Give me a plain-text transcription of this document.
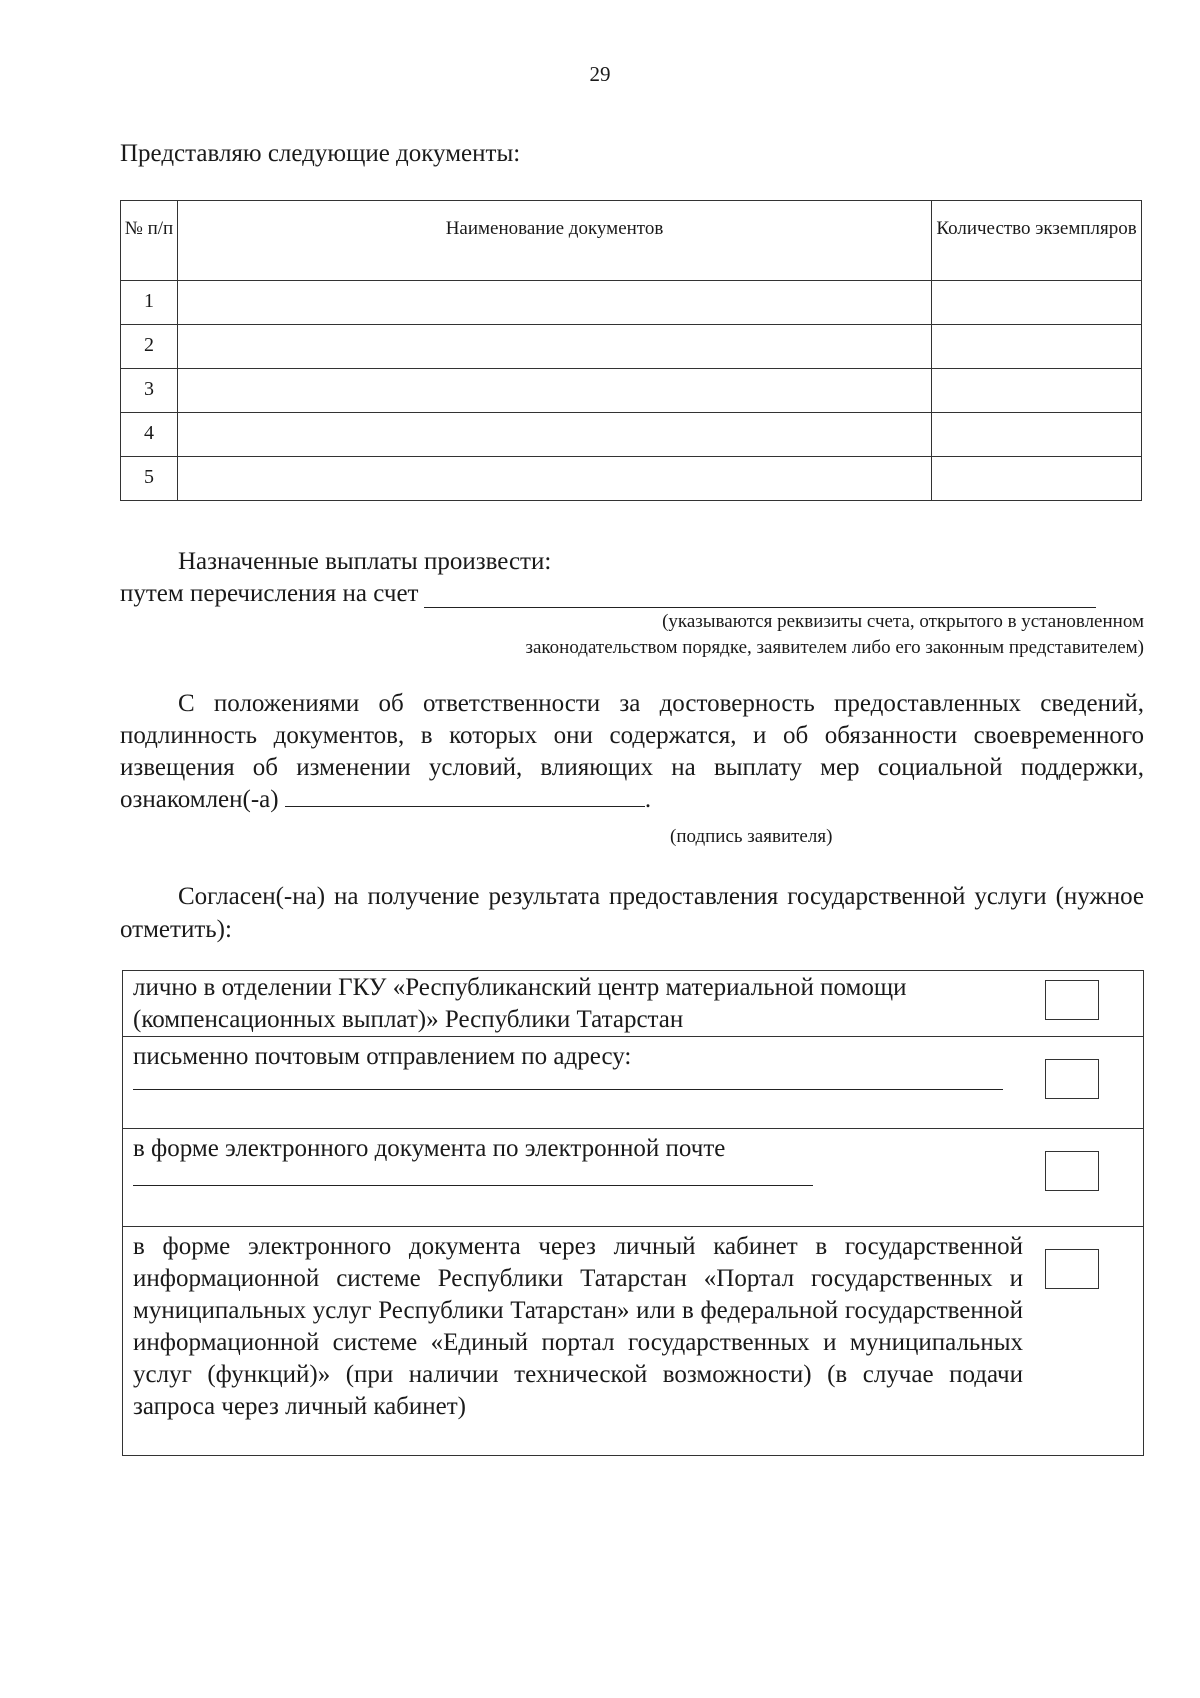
29
Представляю следующие документы:
№ п/п	Наименование документов	Количество экземпляров
1		
2		
3		
4		
5		
Назначенные выплаты произвести:
путем перечисления на счет
(указываются реквизиты счета, открытого в установленном
законодательством порядке, заявителем либо его законным представителем)
С положениями об ответственности за достоверность предоставленных сведений, подлинность документов, в которых они содержатся, и об обязанности своевременного извещения об изменении условий, влияющих на выплату мер социальной поддержки, ознакомлен(-а)	.
(подпись заявителя)
Согласен(-на) на получение результата предоставления государственной услуги (нужное отметить):
лично в отделении ГКУ «Республиканский центр материальной помощи (компенсационных выплат)» Республики Татарстан
письменно почтовым отправлением по адресу:
в форме электронного документа по электронной почте
в форме электронного документа через личный кабинет в государственной информационной системе Республики Татарстан «Портал государственных и муниципальных услуг Республики Татарстан» или в федеральной государственной информационной системе «Единый портал государственных и муниципальных услуг (функций)» (при наличии технической возможности) (в случае подачи запроса через личный кабинет)
